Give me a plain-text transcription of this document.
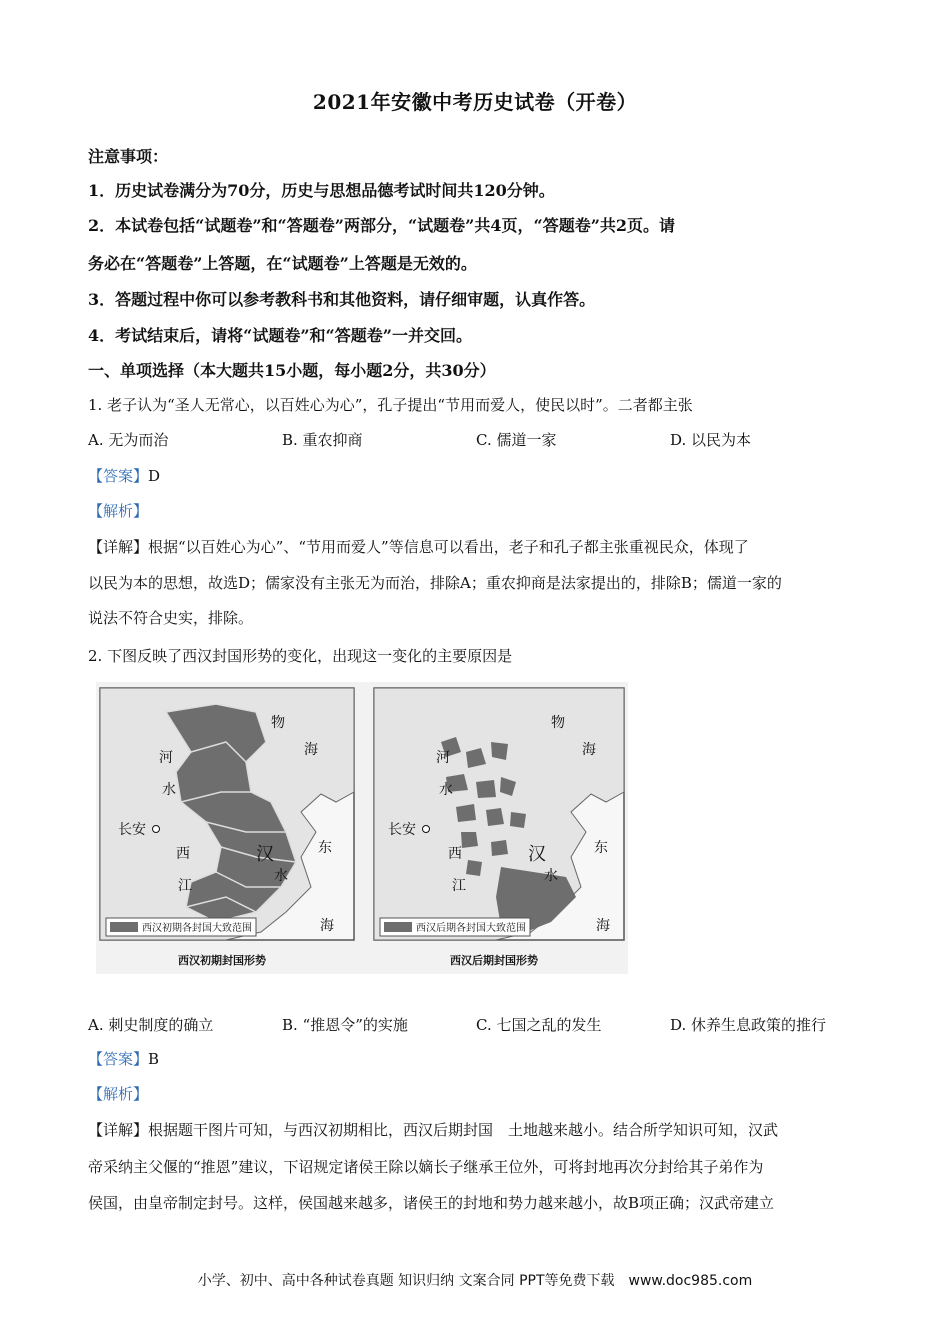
2021年安徽中考历史试卷（开卷）
注意事项：
1．历史试卷满分为70分，历史与思想品德考试时间共120分钟。
2．本试卷包括“试题卷”和“答题卷”两部分，“试题卷”共4页，“答题卷”共2页。请
务必在“答题卷”上答题，在“试题卷”上答题是无效的。
3．答题过程中你可以参考教科书和其他资料，请仔细审题，认真作答。
4．考试结束后，请将“试题卷”和“答题卷”一并交回。
一、单项选择（本大题共15小题，每小题2分，共30分）
1. 老子认为“圣人无常心，以百姓心为心”，孔子提出“节用而爱人，使民以时”。二者都主张
A. 无为而治	B. 重农抑商	C. 儒道一家	D. 以民为本
【答案】D
【解析】
【详解】根据“以百姓心为心”、“节用而爱人”等信息可以看出，老子和孔子都主张重视民众，体现了
以民为本的思想，故选D；儒家没有主张无为而治，排除A；重农抑商是法家提出的，排除B；儒道一家的
说法不符合史实，排除。
2. 下图反映了西汉封国形势的变化，出现这一变化的主要原因是
物
海
河
水
长安
西	汉
水
江
东
海
西汉初期各封国大致范围
西汉初期封国形势
物
海
河
水
长安
西	汉
水
江
东
海
西汉后期各封国大致范围
西汉后期封国形势
A. 刺史制度的确立	B. “推恩令”的实施	C. 七国之乱的发生	D. 休养生息政策的推行
【答案】B
【解析】
【详解】根据题干图片可知，与西汉初期相比，西汉后期封国　土地越来越小。结合所学知识可知，汉武
帝采纳主父偃的“推恩”建议，下诏规定诸侯王除以嫡长子继承王位外，可将封地再次分封给其子弟作为
侯国，由皇帝制定封号。这样，侯国越来越多，诸侯王的封地和势力越来越小，故B项正确；汉武帝建立
小学、初中、高中各种试卷真题 知识归纳 文案合同 PPT等免费下载　www.doc985.com
